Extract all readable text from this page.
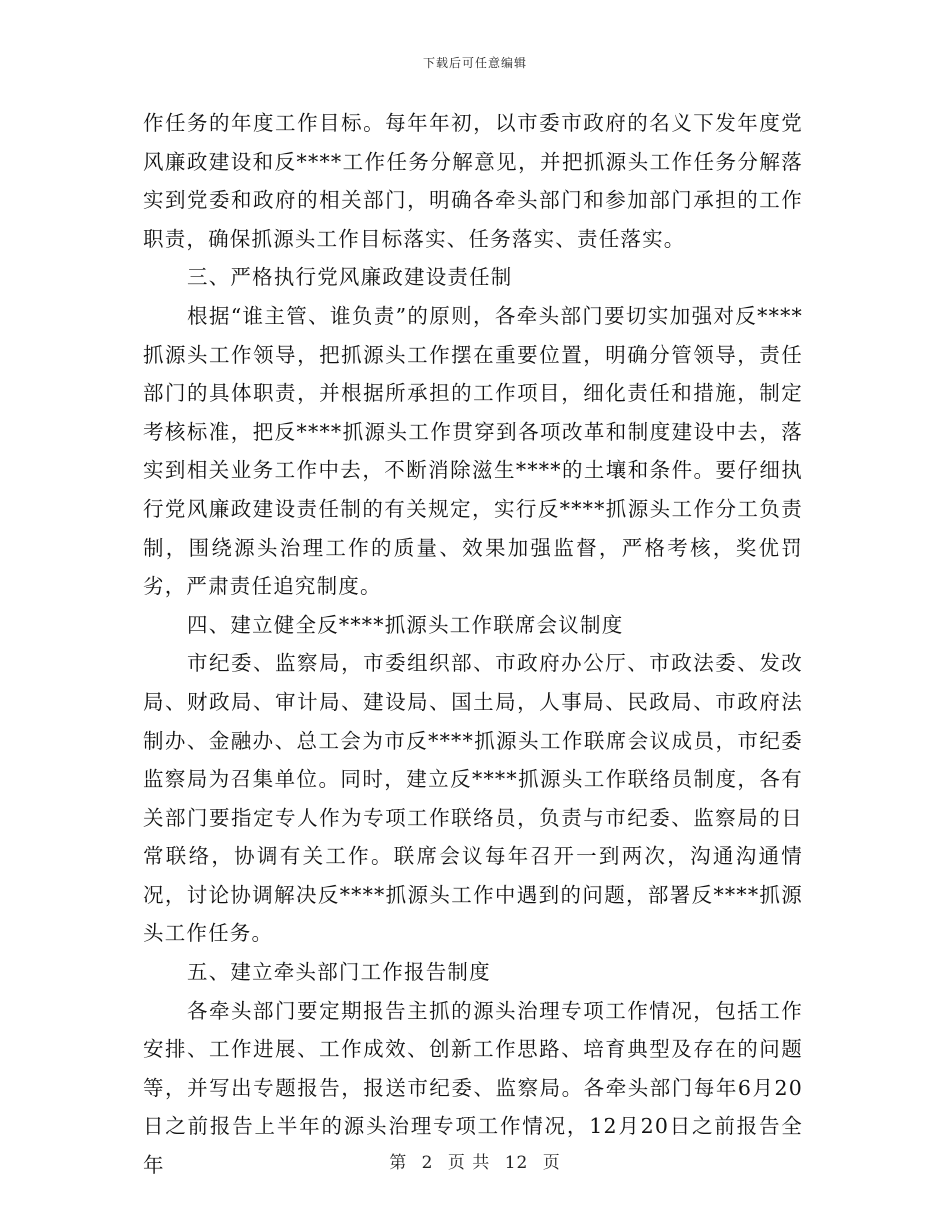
下载后可任意编辑

作任务的年度工作目标。每年年初，以市委市政府的名义下发年度党风廉政建设和反****工作任务分解意见，并把抓源头工作任务分解落实到党委和政府的相关部门，明确各牵头部门和参加部门承担的工作职责，确保抓源头工作目标落实、任务落实、责任落实。

三、严格执行党风廉政建设责任制

根据“谁主管、谁负责”的原则，各牵头部门要切实加强对反****抓源头工作领导，把抓源头工作摆在重要位置，明确分管领导，责任部门的具体职责，并根据所承担的工作项目，细化责任和措施，制定考核标准，把反****抓源头工作贯穿到各项改革和制度建设中去，落实到相关业务工作中去，不断消除滋生****的土壤和条件。要仔细执行党风廉政建设责任制的有关规定，实行反****抓源头工作分工负责制，围绕源头治理工作的质量、效果加强监督，严格考核，奖优罚劣，严肃责任追究制度。

四、建立健全反****抓源头工作联席会议制度

市纪委、监察局，市委组织部、市政府办公厅、市政法委、发改局、财政局、审计局、建设局、国土局，人事局、民政局、市政府法制办、金融办、总工会为市反****抓源头工作联席会议成员，市纪委监察局为召集单位。同时，建立反****抓源头工作联络员制度，各有关部门要指定专人作为专项工作联络员，负责与市纪委、监察局的日常联络，协调有关工作。联席会议每年召开一到两次，沟通沟通情况，讨论协调解决反****抓源头工作中遇到的问题，部署反****抓源头工作任务。

五、建立牵头部门工作报告制度

各牵头部门要定期报告主抓的源头治理专项工作情况，包括工作安排、工作进展、工作成效、创新工作思路、培育典型及存在的问题等，并写出专题报告，报送市纪委、监察局。各牵头部门每年6月20日之前报告上半年的源头治理专项工作情况，12月20日之前报告全年	第 2 页 共 12 页
